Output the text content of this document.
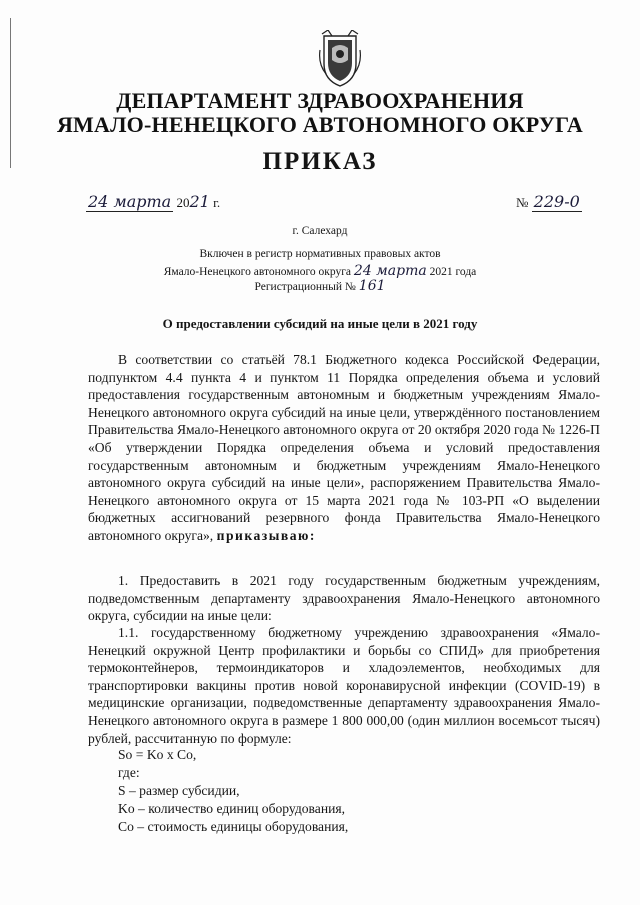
ДЕПАРТАМЕНТ ЗДРАВООХРАНЕНИЯ
ЯМАЛО-НЕНЕЦКОГО АВТОНОМНОГО ОКРУГА
ПРИКАЗ
24 марта 2021 г.	№ 229-0
г. Салехард
Включен в регистр нормативных правовых актов
Ямало-Ненецкого автономного округа 24 марта 2021 года
Регистрационный № 161
О предоставлении субсидий на иные цели в 2021 году

В соответствии со статьёй 78.1 Бюджетного кодекса Российской Федерации, подпунктом 4.4 пункта 4 и пунктом 11 Порядка определения объема и условий предоставления государственным автономным и бюджетным учреждениям Ямало-Ненецкого автономного округа субсидий на иные цели, утверждённого постановлением Правительства Ямало-Ненецкого автономного округа от 20 октября 2020 года № 1226-П «Об утверждении Порядка определения объема и условий предоставления государственным автономным и бюджетным учреждениям Ямало-Ненецкого автономного округа субсидий на иные цели», распоряжением Правительства Ямало-Ненецкого автономного округа от 15 марта 2021 года № 103-РП «О выделении бюджетных ассигнований резервного фонда Правительства Ямало-Ненецкого автономного округа», приказываю:

1. Предоставить в 2021 году государственным бюджетным учреждениям, подведомственным департаменту здравоохранения Ямало-Ненецкого автономного округа, субсидии на иные цели:

1.1. государственному бюджетному учреждению здравоохранения «Ямало-Ненецкий окружной Центр профилактики и борьбы со СПИД» для приобретения термоконтейнеров, термоиндикаторов и хладоэлементов, необходимых для транспортировки вакцины против новой коронавирусной инфекции (COVID-19) в медицинские организации, подведомственные департаменту здравоохранения Ямало-Ненецкого автономного округа в размере 1 800 000,00 (один миллион восемьсот тысяч) рублей, рассчитанную по формуле:

So = Ko x Co,
где:
S – размер субсидии,
Ko – количество единиц оборудования,
Co – стоимость единицы оборудования,
